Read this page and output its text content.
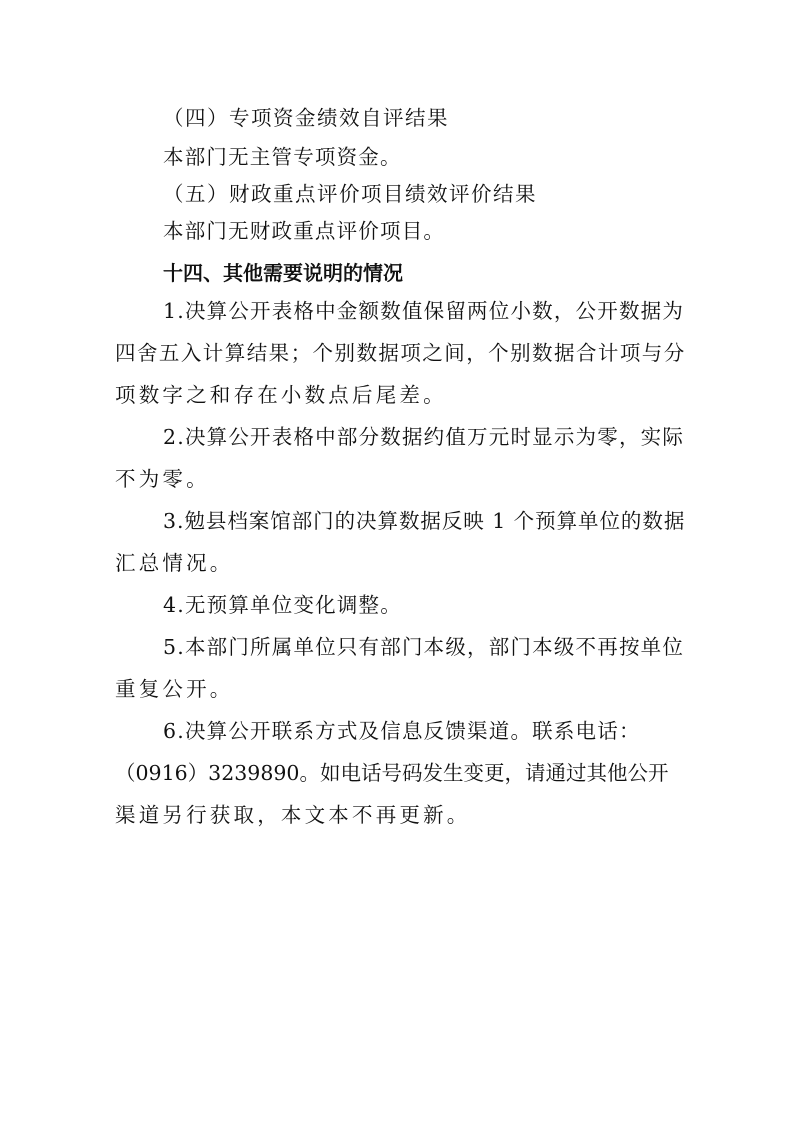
（四）专项资金绩效自评结果

本部门无主管专项资金。

（五）财政重点评价项目绩效评价结果

本部门无财政重点评价项目。

十四、其他需要说明的情况

1.决算公开表格中金额数值保留两位小数，公开数据为

四舍五入计算结果；个别数据项之间，个别数据合计项与分

项数字之和存在小数点后尾差。

2.决算公开表格中部分数据约值万元时显示为零，实际

不为零。

3.勉县档案馆部门的决算数据反映 1 个预算单位的数据

汇总情况。

4.无预算单位变化调整。

5.本部门所属单位只有部门本级，部门本级不再按单位

重复公开。

6.决算公开联系方式及信息反馈渠道。联系电话：

（0916）3239890。如电话号码发生变更，请通过其他公开

渠道另行获取，本文本不再更新。
